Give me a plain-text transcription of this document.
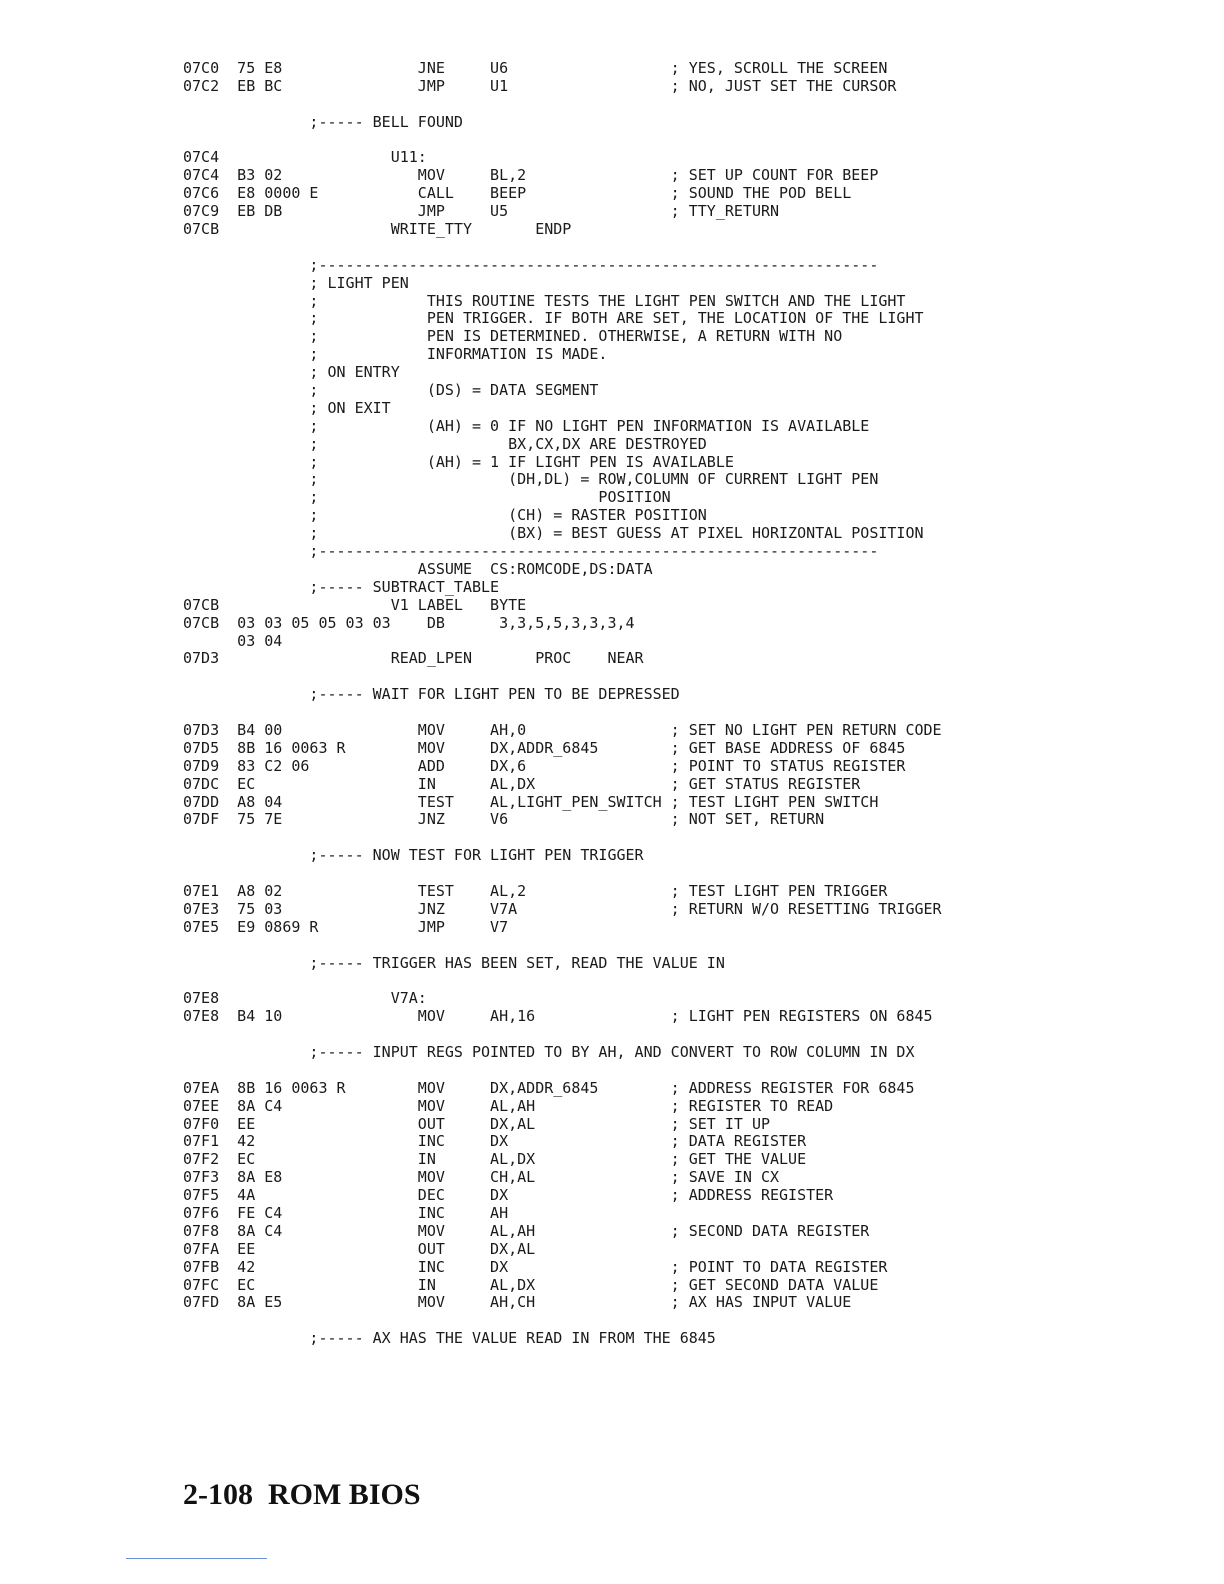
07C0  75 E8               JNE     U6                  ; YES, SCROLL THE SCREEN
07C2  EB BC               JMP     U1                  ; NO, JUST SET THE CURSOR

;----- BELL FOUND

07C4                   U11:
07C4  B3 02               MOV     BL,2                ; SET UP COUNT FOR BEEP
07C6  E8 0000 E           CALL    BEEP                ; SOUND THE POD BELL
07C9  EB DB               JMP     U5                  ; TTY_RETURN
07CB                   WRITE_TTY       ENDP

;--------------------------------------------------------------
; LIGHT PEN
;            THIS ROUTINE TESTS THE LIGHT PEN SWITCH AND THE LIGHT
;            PEN TRIGGER. IF BOTH ARE SET, THE LOCATION OF THE LIGHT
;            PEN IS DETERMINED. OTHERWISE, A RETURN WITH NO
;            INFORMATION IS MADE.
; ON ENTRY
;            (DS) = DATA SEGMENT
; ON EXIT
;            (AH) = 0 IF NO LIGHT PEN INFORMATION IS AVAILABLE
;                     BX,CX,DX ARE DESTROYED
;            (AH) = 1 IF LIGHT PEN IS AVAILABLE
;                     (DH,DL) = ROW,COLUMN OF CURRENT LIGHT PEN
;                               POSITION
;                     (CH) = RASTER POSITION
;                     (BX) = BEST GUESS AT PIXEL HORIZONTAL POSITION
;--------------------------------------------------------------
ASSUME  CS:ROMCODE,DS:DATA
;----- SUBTRACT_TABLE
07CB                   V1 LABEL   BYTE
07CB  03 03 05 05 03 03    DB      3,3,5,5,3,3,3,4
03 04
07D3                   READ_LPEN       PROC    NEAR

;----- WAIT FOR LIGHT PEN TO BE DEPRESSED

07D3  B4 00               MOV     AH,0                ; SET NO LIGHT PEN RETURN CODE
07D5  8B 16 0063 R        MOV     DX,ADDR_6845        ; GET BASE ADDRESS OF 6845
07D9  83 C2 06            ADD     DX,6                ; POINT TO STATUS REGISTER
07DC  EC                  IN      AL,DX               ; GET STATUS REGISTER
07DD  A8 04               TEST    AL,LIGHT_PEN_SWITCH ; TEST LIGHT PEN SWITCH
07DF  75 7E               JNZ     V6                  ; NOT SET, RETURN

;----- NOW TEST FOR LIGHT PEN TRIGGER

07E1  A8 02               TEST    AL,2                ; TEST LIGHT PEN TRIGGER
07E3  75 03               JNZ     V7A                 ; RETURN W/O RESETTING TRIGGER
07E5  E9 0869 R           JMP     V7

;----- TRIGGER HAS BEEN SET, READ THE VALUE IN

07E8                   V7A:
07E8  B4 10               MOV     AH,16               ; LIGHT PEN REGISTERS ON 6845

;----- INPUT REGS POINTED TO BY AH, AND CONVERT TO ROW COLUMN IN DX

07EA  8B 16 0063 R        MOV     DX,ADDR_6845        ; ADDRESS REGISTER FOR 6845
07EE  8A C4               MOV     AL,AH               ; REGISTER TO READ
07F0  EE                  OUT     DX,AL               ; SET IT UP
07F1  42                  INC     DX                  ; DATA REGISTER
07F2  EC                  IN      AL,DX               ; GET THE VALUE
07F3  8A E8               MOV     CH,AL               ; SAVE IN CX
07F5  4A                  DEC     DX                  ; ADDRESS REGISTER
07F6  FE C4               INC     AH
07F8  8A C4               MOV     AL,AH               ; SECOND DATA REGISTER
07FA  EE                  OUT     DX,AL
07FB  42                  INC     DX                  ; POINT TO DATA REGISTER
07FC  EC                  IN      AL,DX               ; GET SECOND DATA VALUE
07FD  8A E5               MOV     AH,CH               ; AX HAS INPUT VALUE

;----- AX HAS THE VALUE READ IN FROM THE 6845
2-108  ROM BIOS
